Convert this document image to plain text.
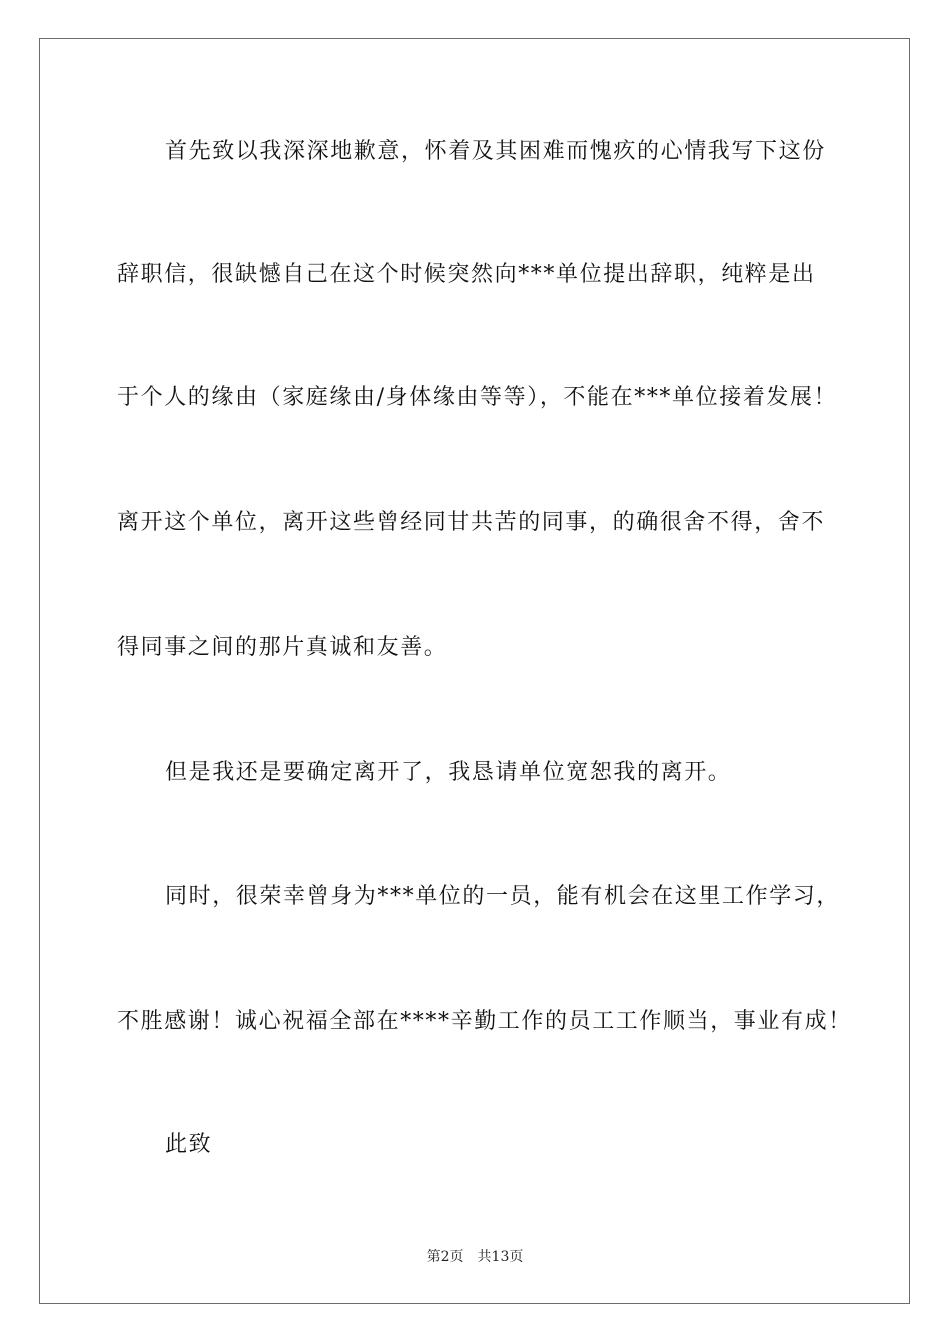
首先致以我深深地歉意，怀着及其困难而愧疚的心情我写下这份
辞职信，很缺憾自己在这个时候突然向***单位提出辞职，纯粹是出
于个人的缘由（家庭缘由/身体缘由等等），不能在***单位接着发展！
离开这个单位，离开这些曾经同甘共苦的同事，的确很舍不得，舍不
得同事之间的那片真诚和友善。
但是我还是要确定离开了，我恳请单位宽恕我的离开。
同时，很荣幸曾身为***单位的一员，能有机会在这里工作学习，
不胜感谢！诚心祝福全部在****辛勤工作的员工工作顺当，事业有成！
此致
第2页 共13页
